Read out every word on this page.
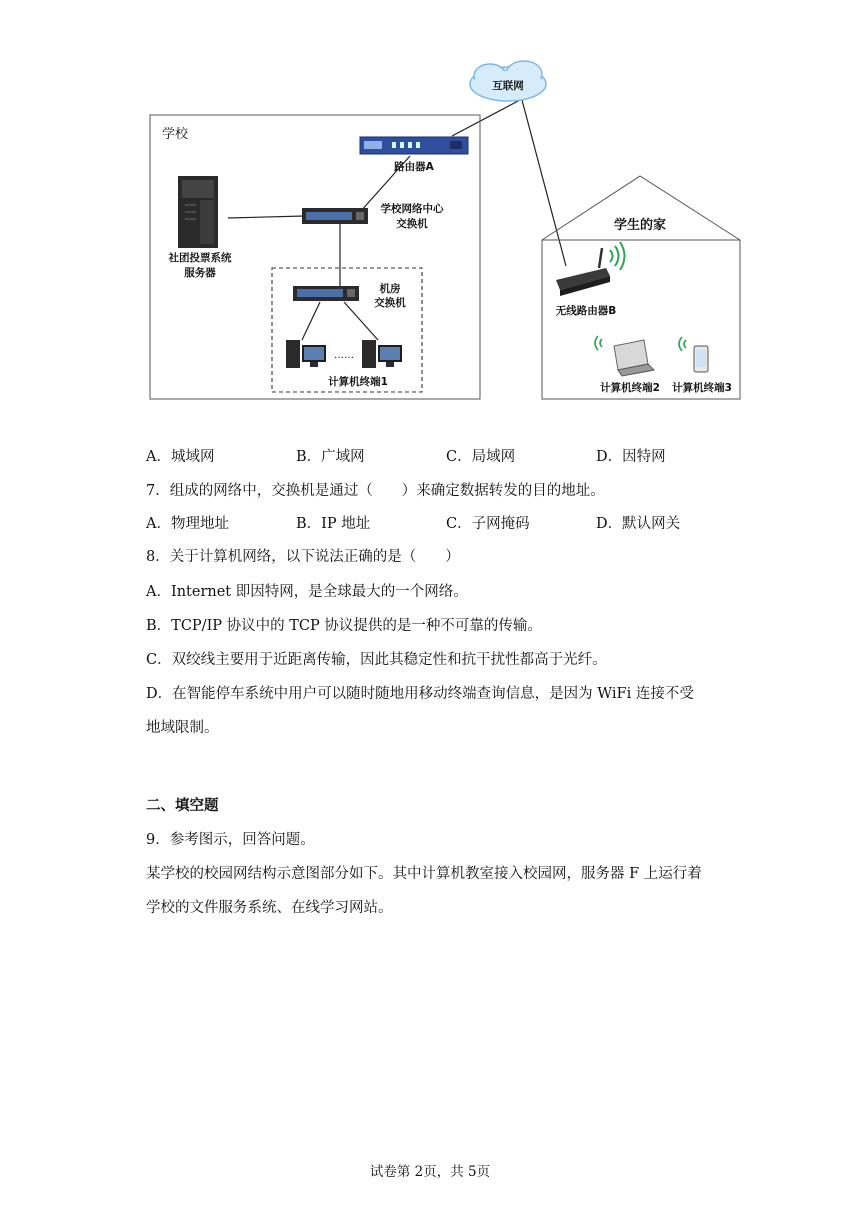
互联网
学校
路由器A
学校网络中心
交换机
社团投票系统
服务器
机房
交换机
……
计算机终端1
学生的家
无线路由器B
计算机终端2 计算机终端3
A．城域网	B．广域网	C．局域网	D．因特网
7．组成的网络中，交换机是通过（　　）来确定数据转发的目的地址。
A．物理地址	B．IP 地址	C．子网掩码	D．默认网关
8．关于计算机网络，以下说法正确的是（　　）
A．Internet 即因特网，是全球最大的一个网络。
B．TCP/IP 协议中的 TCP 协议提供的是一种不可靠的传输。
C．双绞线主要用于近距离传输，因此其稳定性和抗干扰性都高于光纤。
D．在智能停车系统中用户可以随时随地用移动终端查询信息，是因为 WiFi 连接不受
地域限制。
二、填空题
9．参考图示，回答问题。
某学校的校园网结构示意图部分如下。其中计算机教室接入校园网，服务器 F 上运行着
学校的文件服务系统、在线学习网站。
试卷第 2页，共 5页
